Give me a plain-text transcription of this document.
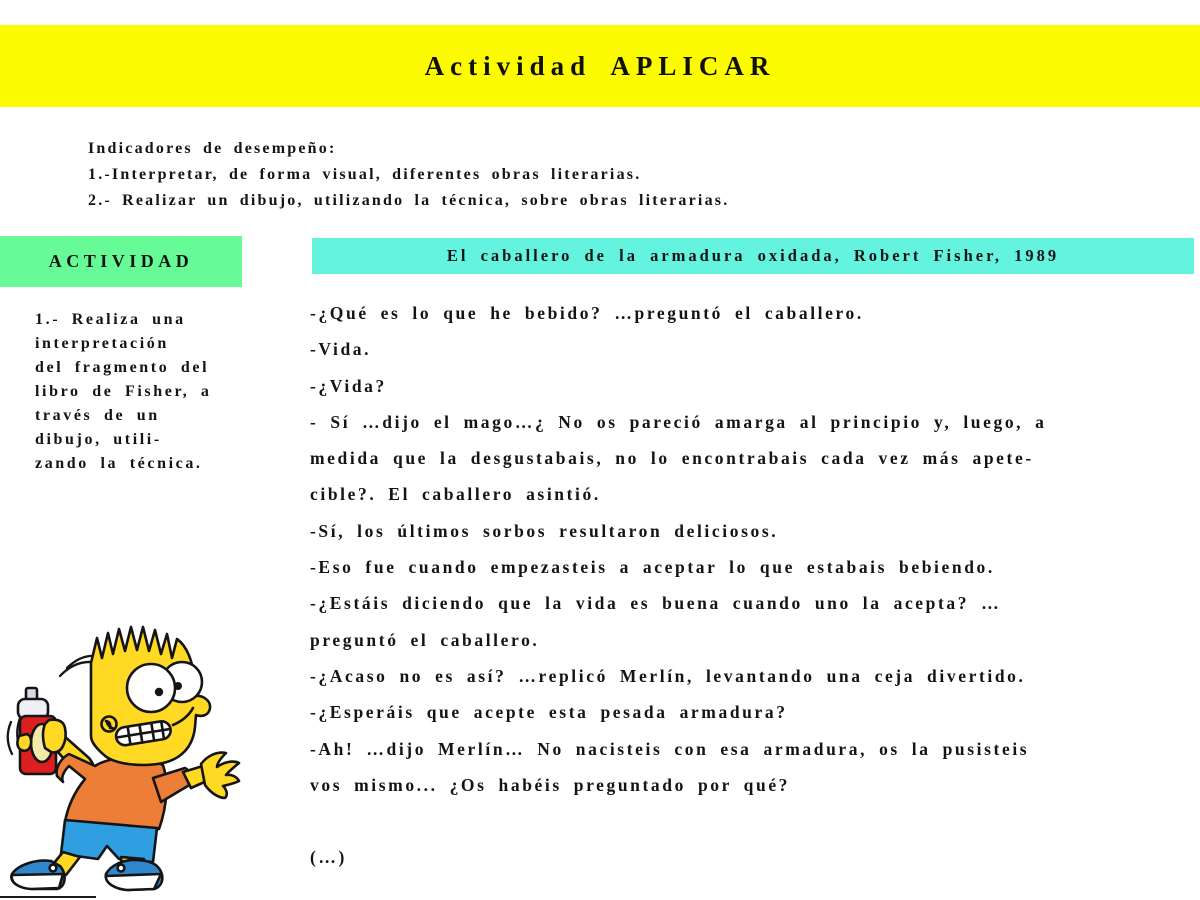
Actividad APLICAR
Indicadores de desempeño:
1.-Interpretar, de forma visual, diferentes obras literarias.
2.- Realizar un dibujo, utilizando la técnica, sobre obras literarias.
ACTIVIDAD	El caballero de la armadura oxidada, Robert Fisher, 1989
1.- Realiza una
interpretación
del fragmento del
libro de Fisher, a
través de un
dibujo, utili-
zando la técnica.
-¿Qué es lo que he bebido? …preguntó el caballero.
-Vida.
-¿Vida?
- Sí …dijo el mago…¿ No os pareció amarga al principio y, luego, a
medida que la desgustabais, no lo encontrabais cada vez más apete-
cible?. El caballero asintió.
-Sí, los últimos sorbos resultaron deliciosos.
-Eso fue cuando empezasteis a aceptar lo que estabais bebiendo.
-¿Estáis diciendo que la vida es buena cuando uno la acepta? …
preguntó el caballero.
-¿Acaso no es así? …replicó Merlín, levantando una ceja divertido.
-¿Esperáis que acepte esta pesada armadura?
-Ah! …dijo Merlín… No nacisteis con esa armadura, os la pusisteis
vos mismo... ¿Os habéis preguntado por qué?
(…)
